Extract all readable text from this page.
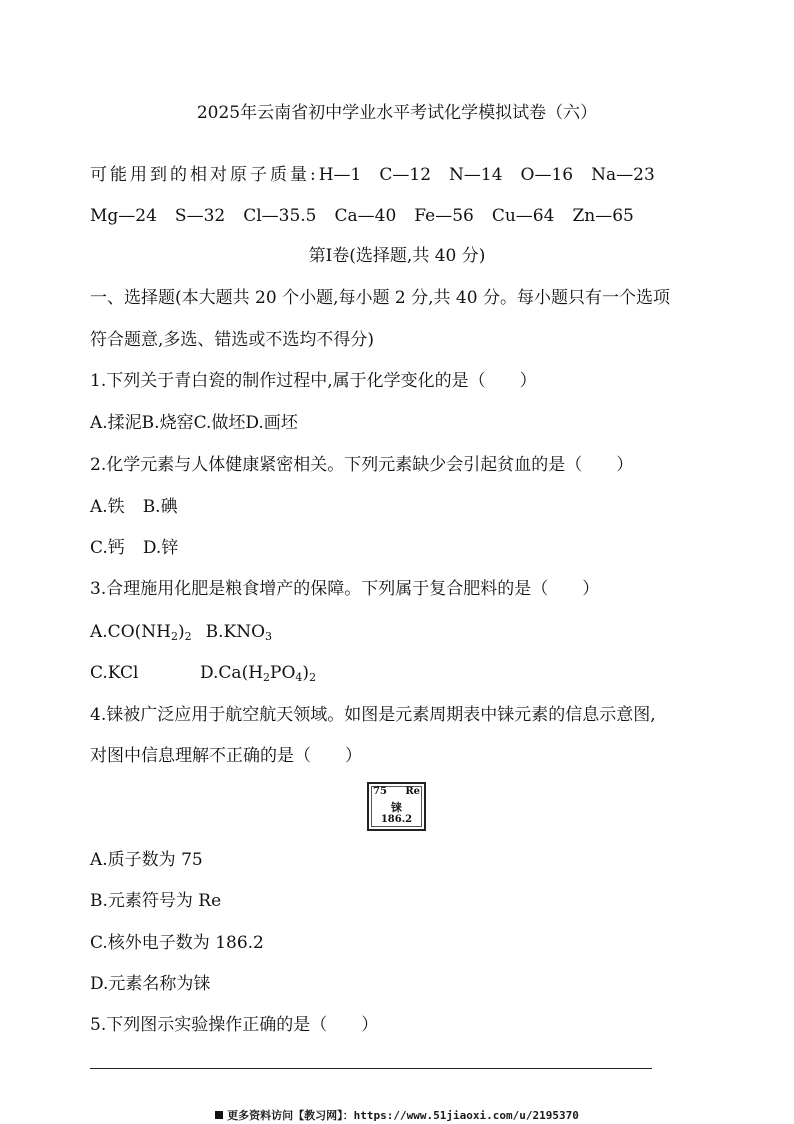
2025年云南省初中学业水平考试化学模拟试卷（六）
可能用到的相对原子质量:H—1 C—12 N—14 O—16 Na—23
Mg—24 S—32 Cl—35.5 Ca—40 Fe—56 Cu—64 Zn—65
第Ⅰ卷(选择题,共 40 分)
一、选择题(本大题共 20 个小题,每小题 2 分,共 40 分。每小题只有一个选项
符合题意,多选、错选或不选均不得分)
1.下列关于青白瓷的制作过程中,属于化学变化的是（　　）
A.揉泥B.烧窑C.做坯D.画坯
2.化学元素与人体健康紧密相关。下列元素缺少会引起贫血的是（　　）
A.铁 B.碘
C.钙 D.锌
3.合理施用化肥是粮食增产的保障。下列属于复合肥料的是（　　）
$A.CO(NH_2)_2$ $B.KNO_3$
C.KCl	$D.Ca(H_2PO_4)_2$
4.铼被广泛应用于航空航天领域。如图是元素周期表中铼元素的信息示意图,
对图中信息理解不正确的是（　　）
75 Re
铼
186.2
A.质子数为 75
B.元素符号为 Re
C.核外电子数为 186.2
D.元素名称为铼
5.下列图示实验操作正确的是（　　）
更多资料访问【教习网】：https://www.51jiaoxi.com/u/2195370
